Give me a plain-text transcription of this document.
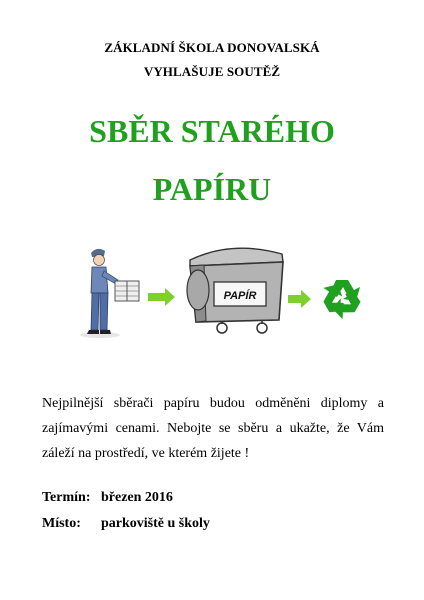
ZÁKLADNÍ ŠKOLA DONOVALSKÁ
VYHLAŠUJE SOUTĚŽ
SBĚR STARÉHO
PAPÍRU
PAPÍR
Nejpilnější sběrači papíru budou odměněni diplomy a zajímavými cenami. Nebojte se sběru a ukažte, že Vám záleží na prostředí, ve kterém žijete !
Termín: březen 2016
Místo: parkoviště u školy
